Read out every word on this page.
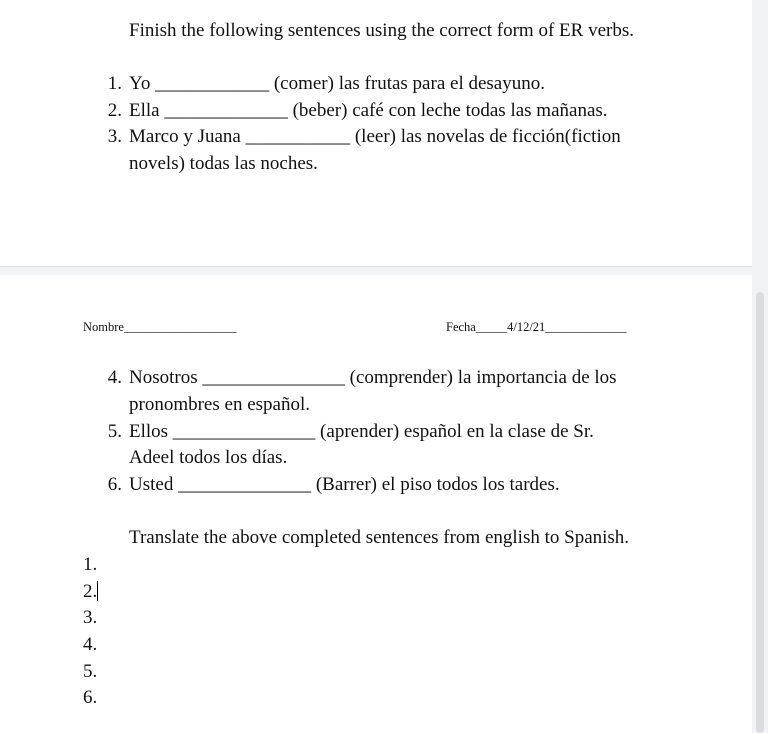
Finish the following sentences using the correct form of ER verbs.
1. Yo ____________ (comer) las frutas para el desayuno.
2. Ella _____________ (beber) café con leche todas las mañanas.
3. Marco y Juana ___________ (leer) las novelas de ficción(fiction
novels) todas las noches.
Nombre__________________	Fecha_____4/12/21_____________
4. Nosotros _______________ (comprender) la importancia de los
pronombres en español.
5. Ellos _______________ (aprender) español en la clase de Sr.
Adeel todos los días.
6. Usted ______________ (Barrer) el piso todos los tardes.
Translate the above completed sentences from english to Spanish.
1.
2.
3.
4.
5.
6.
